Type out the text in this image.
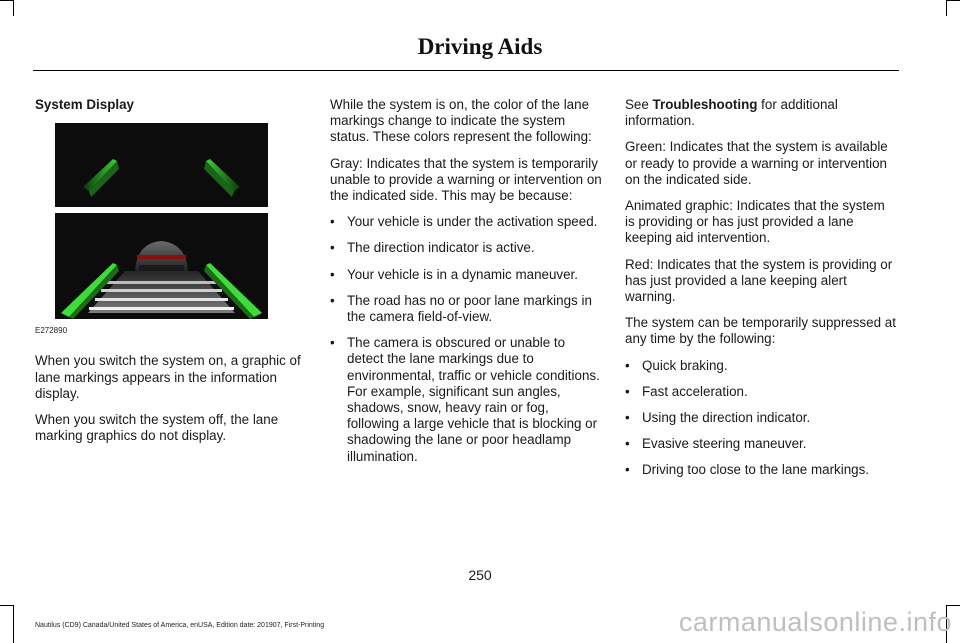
Driving Aids

System Display

E272890

When you switch the system on, a graphic of lane markings appears in the information display.

When you switch the system off, the lane marking graphics do not display.

While the system is on, the color of the lane markings change to indicate the system status. These colors represent the following:

Gray: Indicates that the system is temporarily unable to provide a warning or intervention on the indicated side. This may be because:

• Your vehicle is under the activation speed.
• The direction indicator is active.
• Your vehicle is in a dynamic maneuver.
• The road has no or poor lane markings in the camera field-of-view.
• The camera is obscured or unable to detect the lane markings due to environmental, traffic or vehicle conditions. For example, significant sun angles, shadows, snow, heavy rain or fog, following a large vehicle that is blocking or shadowing the lane or poor headlamp illumination.

See Troubleshooting for additional information.

Green: Indicates that the system is available or ready to provide a warning or intervention on the indicated side.

Animated graphic: Indicates that the system is providing or has just provided a lane keeping aid intervention.

Red: Indicates that the system is providing or has just provided a lane keeping alert warning.

The system can be temporarily suppressed at any time by the following:

• Quick braking.
• Fast acceleration.
• Using the direction indicator.
• Evasive steering maneuver.
• Driving too close to the lane markings.
250
Nautilus (CD9) Canada/United States of America, enUSA, Edition date: 201907, First-Printing	carmanualsonline.info
